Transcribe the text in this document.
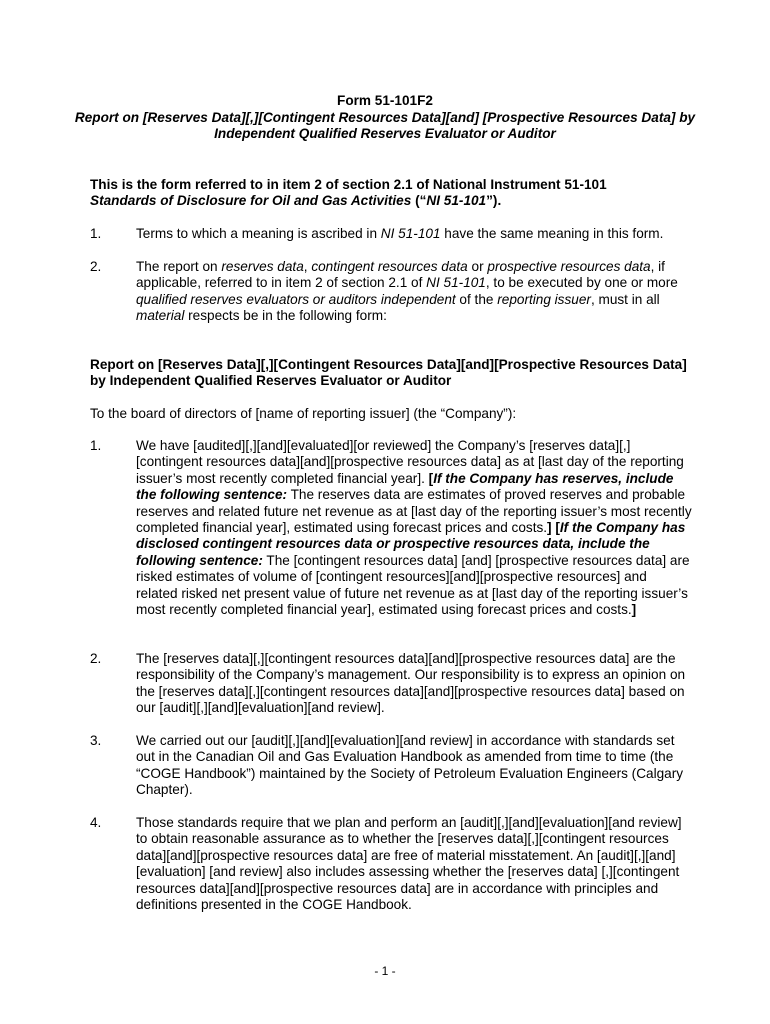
Form 51-101F2
Report on [Reserves Data][,][Contingent Resources Data][and] [Prospective Resources Data] by Independent Qualified Reserves Evaluator or Auditor
This is the form referred to in item 2 of section 2.1 of National Instrument 51-101
Standards of Disclosure for Oil and Gas Activities (“NI 51-101”).
1.	Terms to which a meaning is ascribed in NI 51-101 have the same meaning in this form.
2.	The report on reserves data, contingent resources data or prospective resources data, if applicable, referred to in item 2 of section 2.1 of NI 51-101, to be executed by one or more qualified reserves evaluators or auditors independent of the reporting issuer, must in all material respects be in the following form:
Report on [Reserves Data][,][Contingent Resources Data][and][Prospective Resources Data] by Independent Qualified Reserves Evaluator or Auditor
To the board of directors of [name of reporting issuer] (the “Company”):
1.	We have [audited][,][and][evaluated][or reviewed] the Company’s [reserves data][,][contingent resources data][and][prospective resources data] as at [last day of the reporting issuer’s most recently completed financial year]. [If the Company has reserves, include the following sentence: The reserves data are estimates of proved reserves and probable reserves and related future net revenue as at [last day of the reporting issuer’s most recently completed financial year], estimated using forecast prices and costs.] [If the Company has disclosed contingent resources data or prospective resources data, include the following sentence: The [contingent resources data] [and] [prospective resources data] are risked estimates of volume of [contingent resources][and][prospective resources] and related risked net present value of future net revenue as at [last day of the reporting issuer’s most recently completed financial year], estimated using forecast prices and costs.]
2.	The [reserves data][,][contingent resources data][and][prospective resources data] are the responsibility of the Company’s management. Our responsibility is to express an opinion on the [reserves data][,][contingent resources data][and][prospective resources data] based on our [audit][,][and][evaluation][and review].
3.	We carried out our [audit][,][and][evaluation][and review] in accordance with standards set out in the Canadian Oil and Gas Evaluation Handbook as amended from time to time (the “COGE Handbook”) maintained by the Society of Petroleum Evaluation Engineers (Calgary Chapter).
4.	Those standards require that we plan and perform an [audit][,][and][evaluation][and review] to obtain reasonable assurance as to whether the [reserves data][,][contingent resources data][and][prospective resources data] are free of material misstatement. An [audit][,][and][evaluation] [and review] also includes assessing whether the [reserves data] [,][contingent resources data][and][prospective resources data] are in accordance with principles and definitions presented in the COGE Handbook.
- 1 -
